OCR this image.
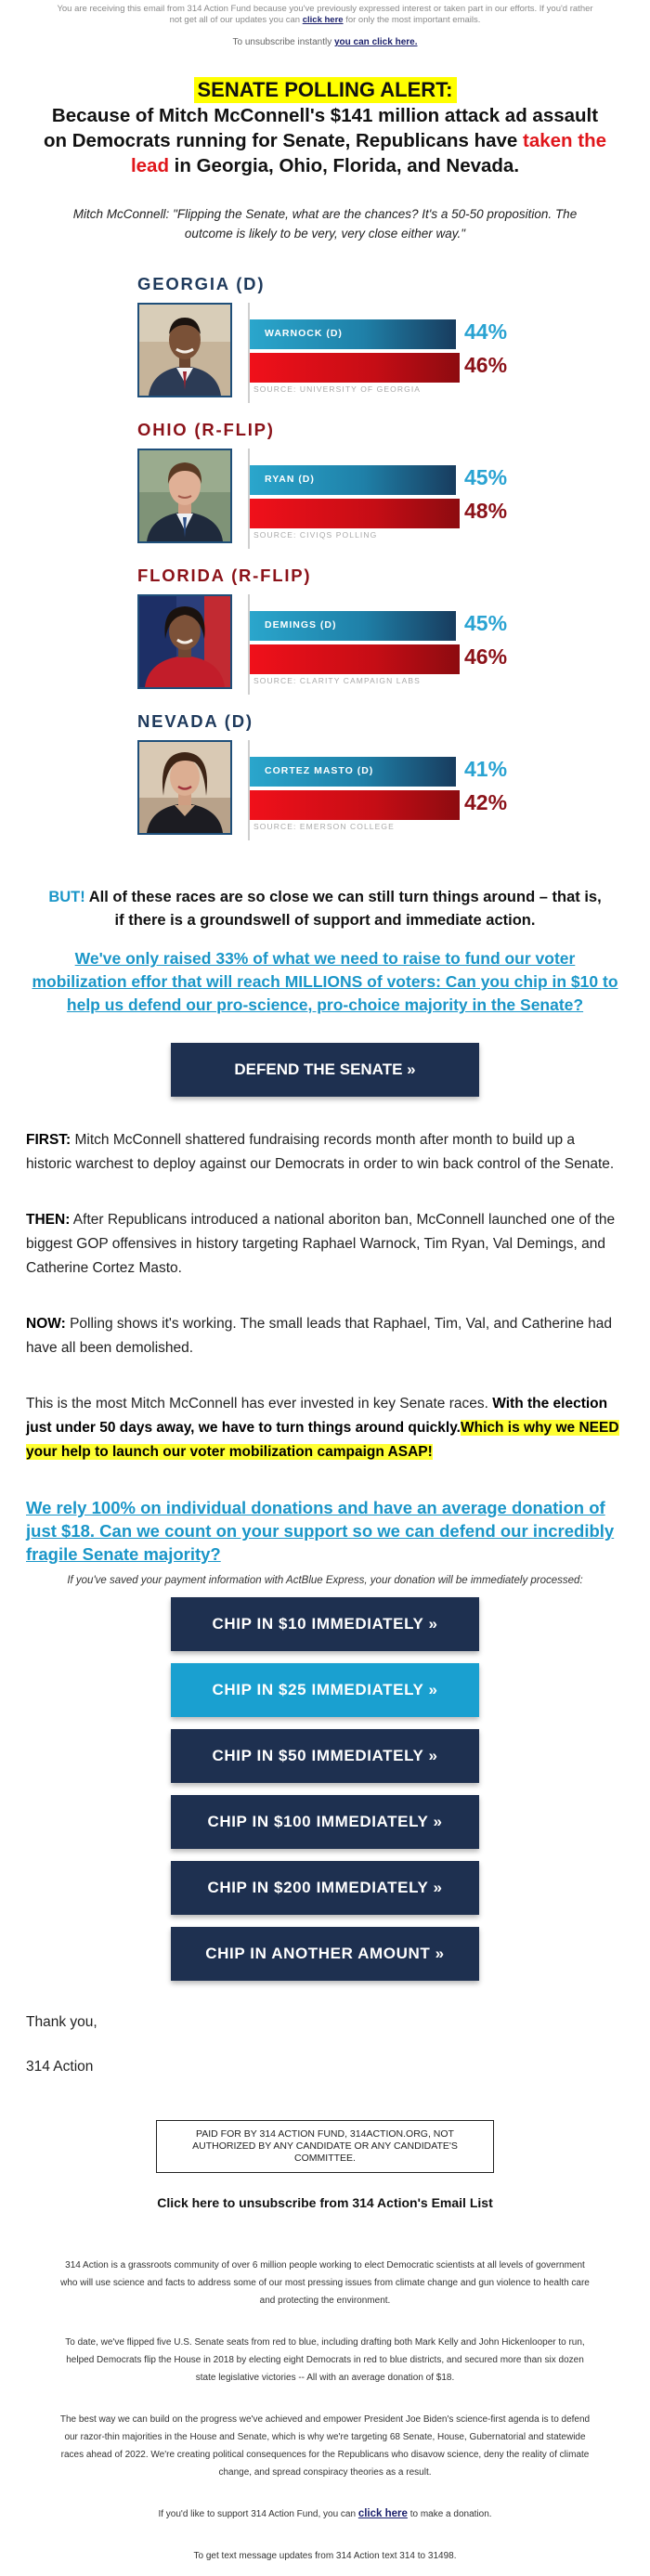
You are receiving this email from 314 Action Fund because you've previously expressed interest or taken part in our efforts. If you'd rather not get all of our updates you can click here for only the most important emails.
To unsubscribe instantly you can click here.
SENATE POLLING ALERT:
Because of Mitch McConnell's $141 million attack ad assault on Democrats running for Senate, Republicans have taken the lead in Georgia, Ohio, Florida, and Nevada.

Mitch McConnell: "Flipping the Senate, what are the chances? It's a 50-50 proposition. The outcome is likely to be very, very close either way."

GEORGIA (D)
WARNOCK (D)	44%
46%
SOURCE: UNIVERSITY OF GEORGIA
OHIO (R-FLIP)
RYAN (D)	45%
48%
SOURCE: CIVIQS POLLING
FLORIDA (R-FLIP)
DEMINGS (D)	45%
46%
SOURCE: CLARITY CAMPAIGN LABS
NEVADA (D)
CORTEZ MASTO (D)	41%
42%
SOURCE: EMERSON COLLEGE

BUT! All of these races are so close we can still turn things around – that is, if there is a groundswell of support and immediate action.

We've only raised 33% of what we need to raise to fund our voter mobilization effor that will reach MILLIONS of voters: Can you chip in $10 to help us defend our pro-science, pro-choice majority in the Senate?
DEFEND THE SENATE »

FIRST: Mitch McConnell shattered fundraising records month after month to build up a historic warchest to deploy against our Democrats in order to win back control of the Senate.

THEN: After Republicans introduced a national aboriton ban, McConnell launched one of the biggest GOP offensives in history targeting Raphael Warnock, Tim Ryan, Val Demings, and Catherine Cortez Masto.

NOW: Polling shows it's working. The small leads that Raphael, Tim, Val, and Catherine had have all been demolished.

This is the most Mitch McConnell has ever invested in key Senate races. With the election just under 50 days away, we have to turn things around quickly.Which is why we NEED your help to launch our voter mobilization campaign ASAP!

We rely 100% on individual donations and have an average donation of just $18. Can we count on your support so we can defend our incredibly fragile Senate majority?

If you've saved your payment information with ActBlue Express, your donation will be immediately processed:

CHIP IN $10 IMMEDIATELY »
CHIP IN $25 IMMEDIATELY »
CHIP IN $50 IMMEDIATELY »
CHIP IN $100 IMMEDIATELY »
CHIP IN $200 IMMEDIATELY »
CHIP IN ANOTHER AMOUNT »

Thank you,

314 Action

PAID FOR BY 314 ACTION FUND, 314ACTION.ORG, NOT AUTHORIZED BY ANY CANDIDATE OR ANY CANDIDATE'S COMMITTEE.
Click here to unsubscribe from 314 Action's Email List

314 Action is a grassroots community of over 6 million people working to elect Democratic scientists at all levels of government who will use science and facts to address some of our most pressing issues from climate change and gun violence to health care and protecting the environment.

To date, we've flipped five U.S. Senate seats from red to blue, including drafting both Mark Kelly and John Hickenlooper to run, helped Democrats flip the House in 2018 by electing eight Democrats in red to blue districts, and secured more than six dozen state legislative victories -- All with an average donation of $18.

The best way we can build on the progress we've achieved and empower President Joe Biden's science-first agenda is to defend our razor-thin majorities in the House and Senate, which is why we're targeting 68 Senate, House, Gubernatorial and statewide races ahead of 2022. We're creating political consequences for the Republicans who disavow science, deny the reality of climate change, and spread conspiracy theories as a result.

If you'd like to support 314 Action Fund, you can click here to make a donation.

To get text message updates from 314 Action text 314 to 31498.
